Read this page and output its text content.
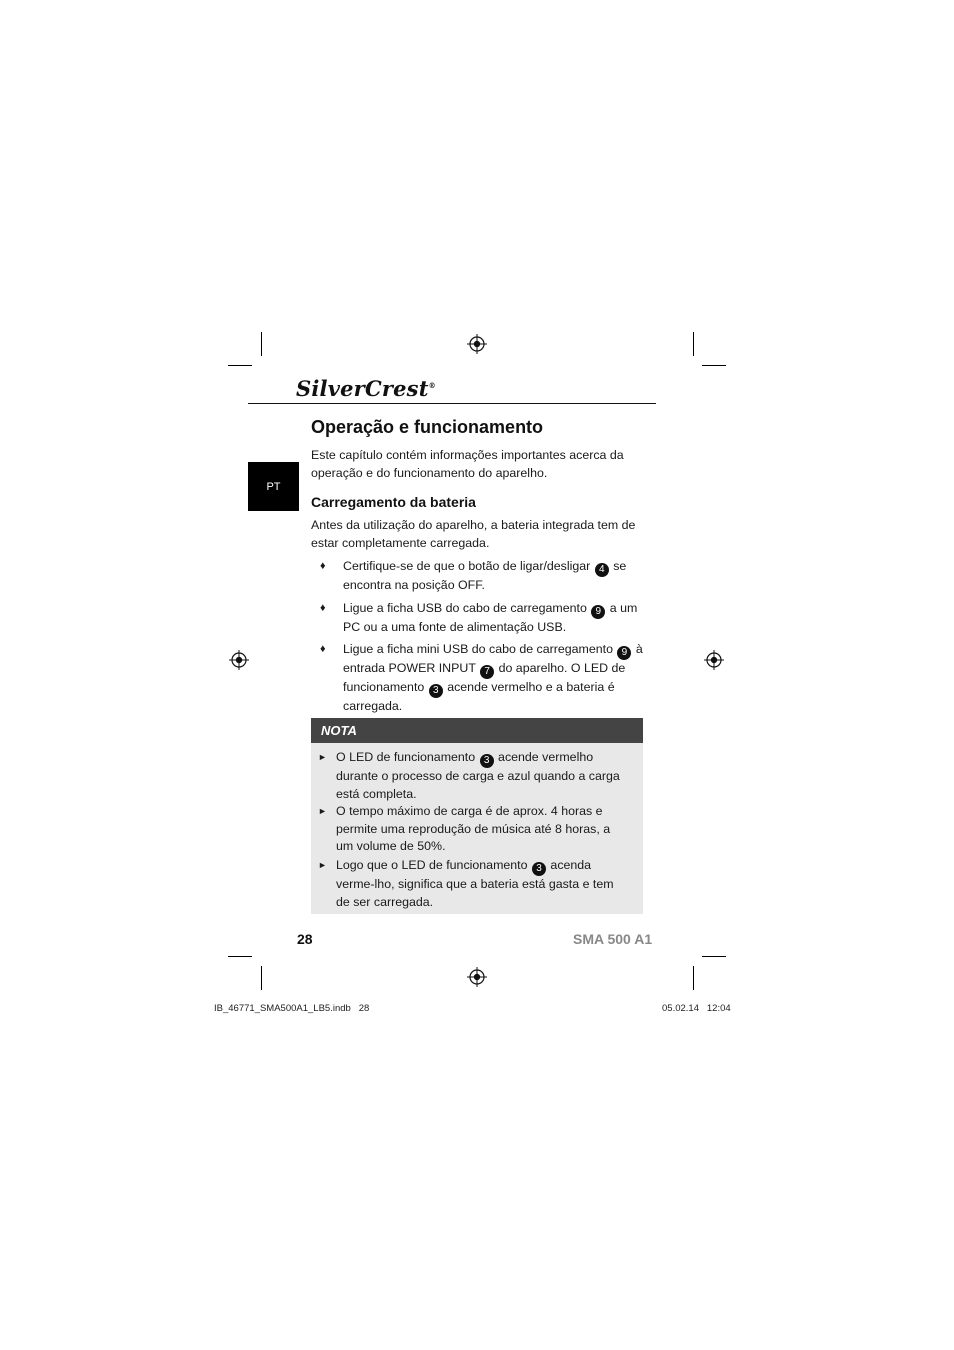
SilverCrest®
PT
Operação e funcionamento
Este capítulo contém informações importantes acerca da operação e do funcionamento do aparelho.
Carregamento da bateria
Antes da utilização do aparelho, a bateria integrada tem de estar completamente carregada.
♦ Certifique-se de que o botão de ligar/desligar 4 se encontra na posição OFF.
♦ Ligue a ficha USB do cabo de carregamento 9 a um PC ou a uma fonte de alimentação USB.
♦ Ligue a ficha mini USB do cabo de carregamento 9 à entrada POWER INPUT 7 do aparelho. O LED de funcionamento 3 acende vermelho e a bateria é carregada.
NOTA
► O LED de funcionamento 3 acende vermelho durante o processo de carga e azul quando a carga está completa.
► O tempo máximo de carga é de aprox. 4 horas e permite uma reprodução de música até 8 horas, a um volume de 50%.
► Logo que o LED de funcionamento 3 acenda verme-lho, significa que a bateria está gasta e tem de ser carregada.
28	SMA 500 A1
IB_46771_SMA500A1_LB5.indb   28	05.02.14   12:04
